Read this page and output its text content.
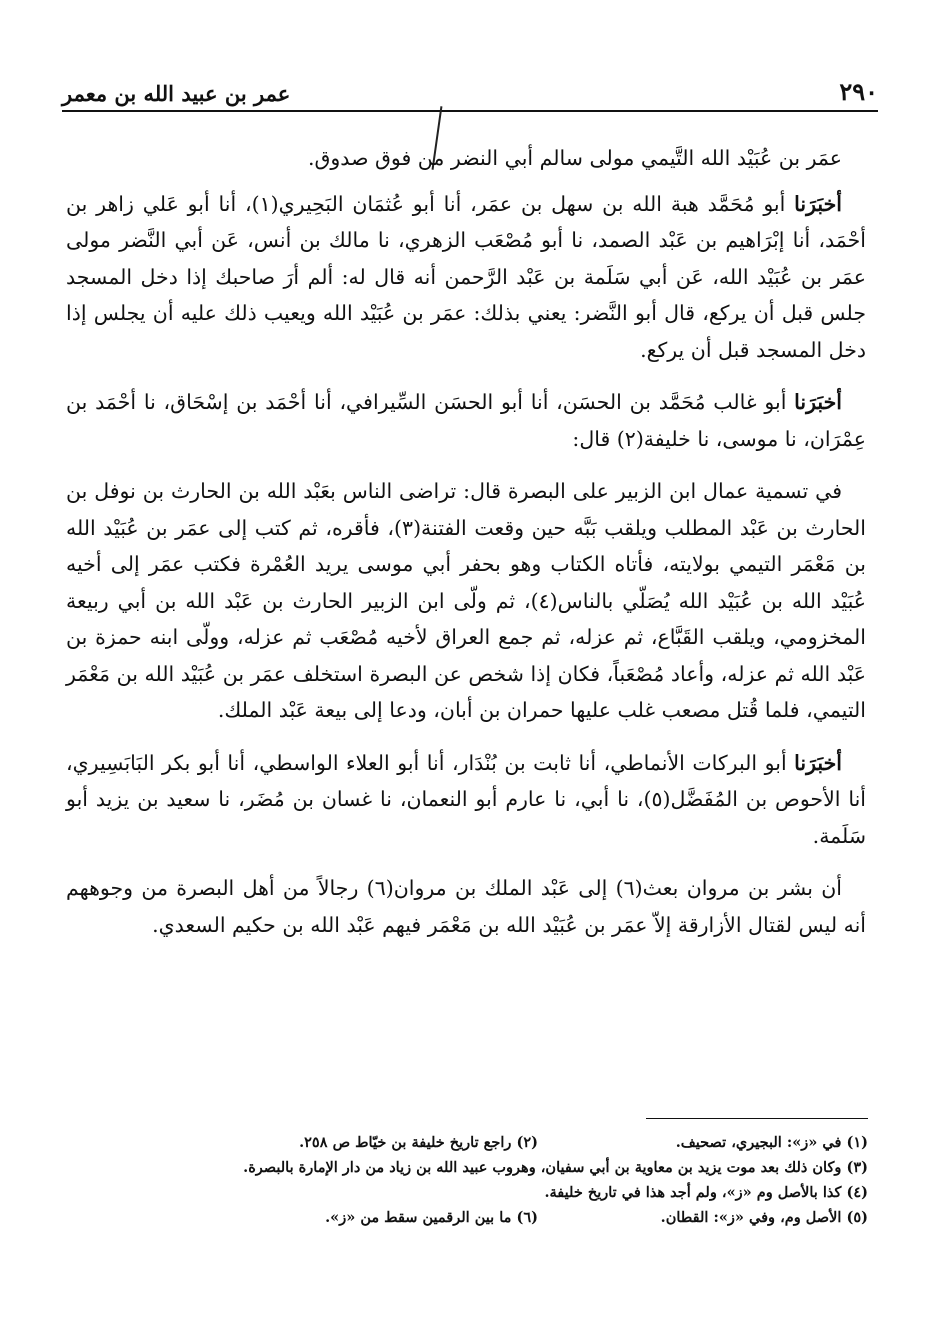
٢٩٠
عمر بن عبيد الله بن معمر

عمَر بن عُبَيْد الله التَّيمي مولى سالم أبي النضر من فوق صدوق.

أخبَرَنا أبو مُحَمَّد هبة الله بن سهل بن عمَر، أنا أبو عُثمَان البَحِيري(١)، أنا أبو عَلي زاهر بن أحْمَد، أنا إبْرَاهيم بن عَبْد الصمد، نا أبو مُصْعَب الزهري، نا مالك بن أنس، عَن أبي النَّضر مولى عمَر بن عُبَيْد الله، عَن أبي سَلَمة بن عَبْد الرَّحمن أنه قال له: ألم أرَ صاحبك إذا دخل المسجد جلس قبل أن يركع، قال أبو النَّضر: يعني بذلك: عمَر بن عُبَيْد الله ويعيب ذلك عليه أن يجلس إذا دخل المسجد قبل أن يركع.

أخبَرَنا أبو غالب مُحَمَّد بن الحسَن، أنا أبو الحسَن السِّيرافي، أنا أحْمَد بن إسْحَاق، نا أحْمَد بن عِمْرَان، نا موسى، نا خليفة(٢) قال:

في تسمية عمال ابن الزبير على البصرة قال: تراضى الناس بعَبْد الله بن الحارث بن نوفل بن الحارث بن عَبْد المطلب ويلقب بَبَّه حين وقعت الفتنة(٣)، فأقره، ثم كتب إلى عمَر بن عُبَيْد الله بن مَعْمَر التيمي بولايته، فأتاه الكتاب وهو بحفر أبي موسى يريد العُمْرة فكتب عمَر إلى أخيه عُبَيْد الله بن عُبَيْد الله يُصَلّي بالناس(٤)، ثم ولّى ابن الزبير الحارث بن عَبْد الله بن أبي ربيعة المخزومي، ويلقب القَبَّاع، ثم عزله، ثم جمع العراق لأخيه مُصْعَب ثم عزله، وولّى ابنه حمزة بن عَبْد الله ثم عزله، وأعاد مُصْعَباً، فكان إذا شخص عن البصرة استخلف عمَر بن عُبَيْد الله بن مَعْمَر التيمي، فلما قُتل مصعب غلب عليها حمران بن أبان، ودعا إلى بيعة عَبْد الملك.

أخبَرَنا أبو البركات الأنماطي، أنا ثابت بن بُنْدَار، أنا أبو العلاء الواسطي، أنا أبو بكر البَابَسِيري، أنا الأحوص بن المُفَضَّل(٥)، نا أبي، نا عارم أبو النعمان، نا غسان بن مُضَر، نا سعيد بن يزيد أبو سَلَمة.

أن بشر بن مروان بعث(٦) إلى عَبْد الملك بن مروان(٦) رجالاً من أهل البصرة من وجوههم أنه ليس لقتال الأزارقة إلاّ عمَر بن عُبَيْد الله بن مَعْمَر فيهم عَبْد الله بن حكيم السعدي.

(١) في «ز»: البجيري، تصحيف.
(٢) راجع تاريخ خليفة بن خيّاط ص ٢٥٨.
(٣) وكان ذلك بعد موت يزيد بن معاوية بن أبي سفيان، وهروب عبيد الله بن زياد من دار الإمارة بالبصرة.
(٤) كذا بالأصل وم «ز»، ولم أجد هذا في تاريخ خليفة.
(٥) الأصل وم، وفي «ز»: القطان.
(٦) ما بين الرقمين سقط من «ز».
